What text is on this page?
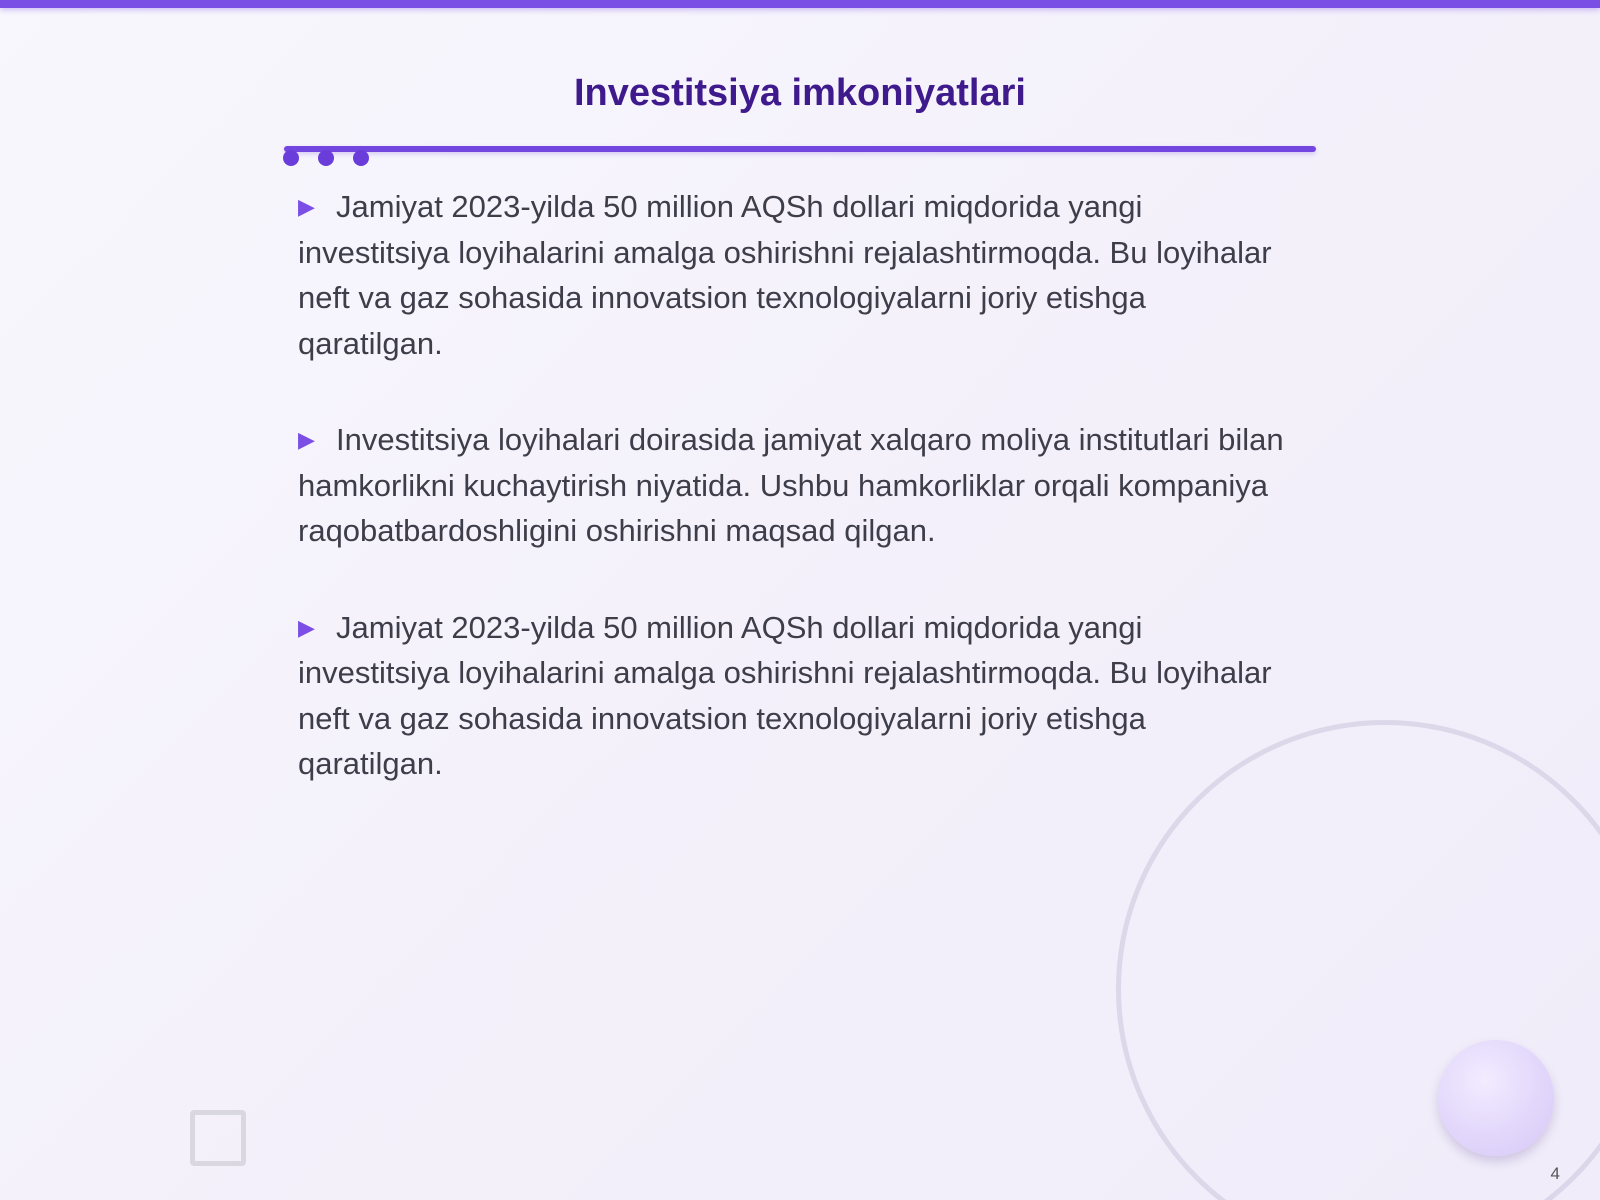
Investitsiya imkoniyatlari
▶ Jamiyat 2023-yilda 50 million AQSh dollari miqdorida yangi investitsiya loyihalarini amalga oshirishni rejalashtirmoqda. Bu loyihalar neft va gaz sohasida innovatsion texnologiyalarni joriy etishga qaratilgan.
▶ Investitsiya loyihalari doirasida jamiyat xalqaro moliya institutlari bilan hamkorlikni kuchaytirish niyatida. Ushbu hamkorliklar orqali kompaniya raqobatbardoshligini oshirishni maqsad qilgan.
▶ Jamiyat 2023-yilda 50 million AQSh dollari miqdorida yangi investitsiya loyihalarini amalga oshirishni rejalashtirmoqda. Bu loyihalar neft va gaz sohasida innovatsion texnologiyalarni joriy etishga qaratilgan.
4
